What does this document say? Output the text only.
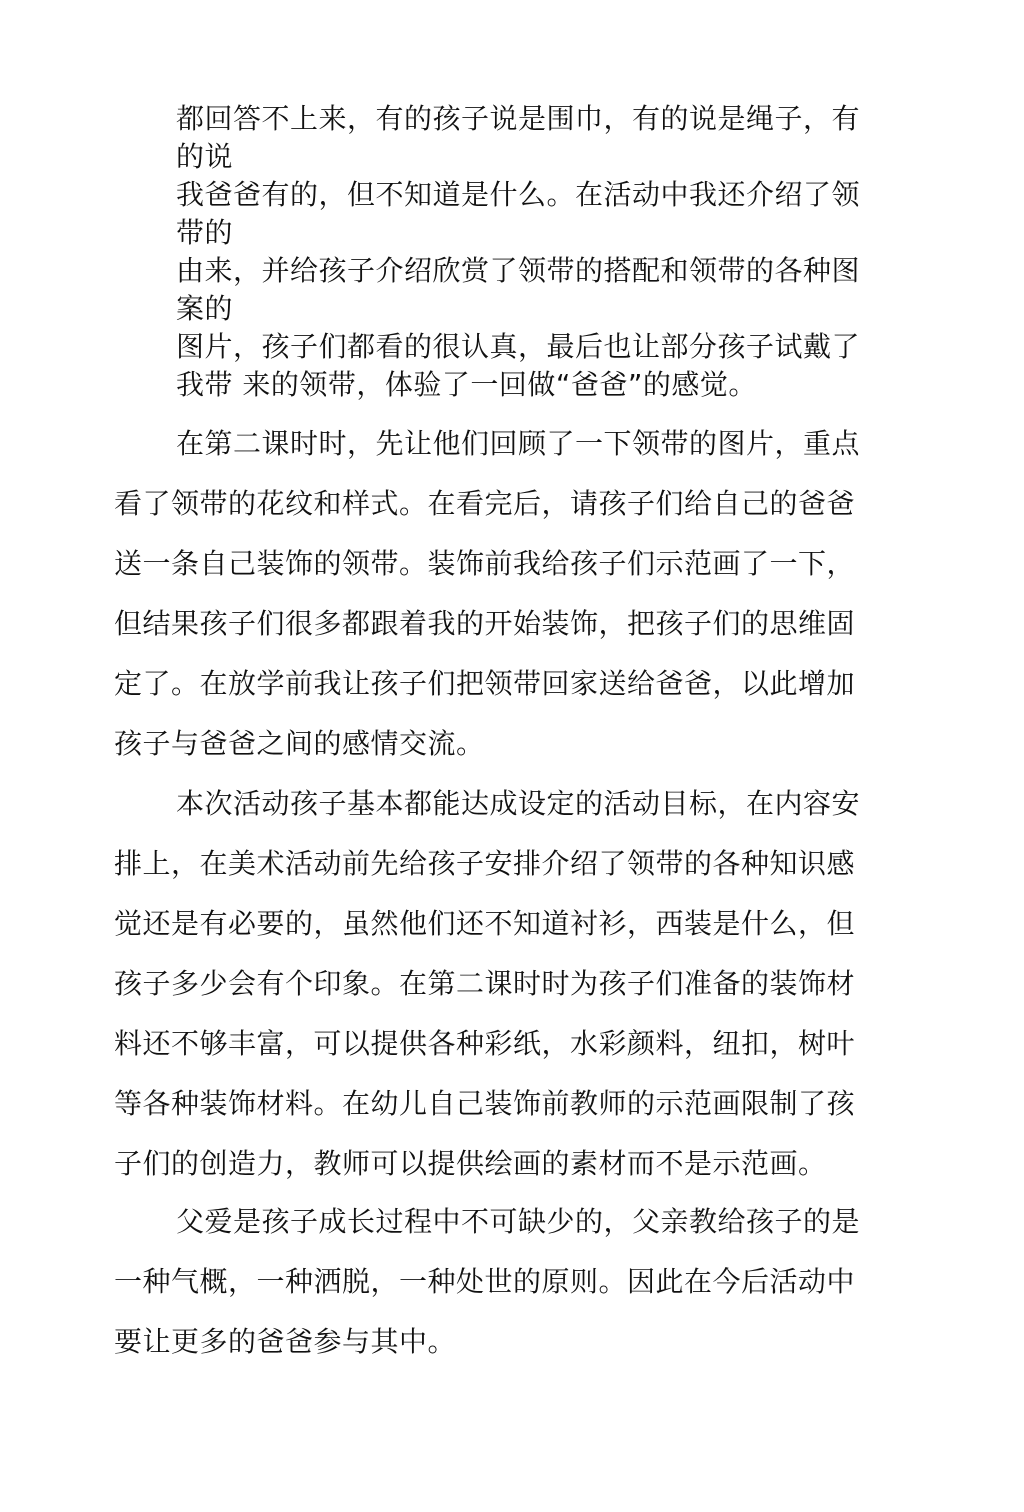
都回答不上来，有的孩子说是围巾，有的说是绳子，有
的说
我爸爸有的，但不知道是什么。在活动中我还介绍了领
带的
由来，并给孩子介绍欣赏了领带的搭配和领带的各种图
案的
图片，孩子们都看的很认真，最后也让部分孩子试戴了
我带 来的领带，体验了一回做“爸爸”的感觉。
在第二课时时，先让他们回顾了一下领带的图片，重点
看了领带的花纹和样式。在看完后，请孩子们给自己的爸爸
送一条自己装饰的领带。装饰前我给孩子们示范画了一下，
但结果孩子们很多都跟着我的开始装饰，把孩子们的思维固
定了。在放学前我让孩子们把领带回家送给爸爸，以此增加
孩子与爸爸之间的感情交流。
本次活动孩子基本都能达成设定的活动目标，在内容安
排上，在美术活动前先给孩子安排介绍了领带的各种知识感
觉还是有必要的，虽然他们还不知道衬衫，西装是什么，但
孩子多少会有个印象。在第二课时时为孩子们准备的装饰材
料还不够丰富，可以提供各种彩纸，水彩颜料，纽扣，树叶
等各种装饰材料。在幼儿自己装饰前教师的示范画限制了孩
子们的创造力，教师可以提供绘画的素材而不是示范画。
父爱是孩子成长过程中不可缺少的，父亲教给孩子的是
一种气概，一种洒脱，一种处世的原则。因此在今后活动中
要让更多的爸爸参与其中。
